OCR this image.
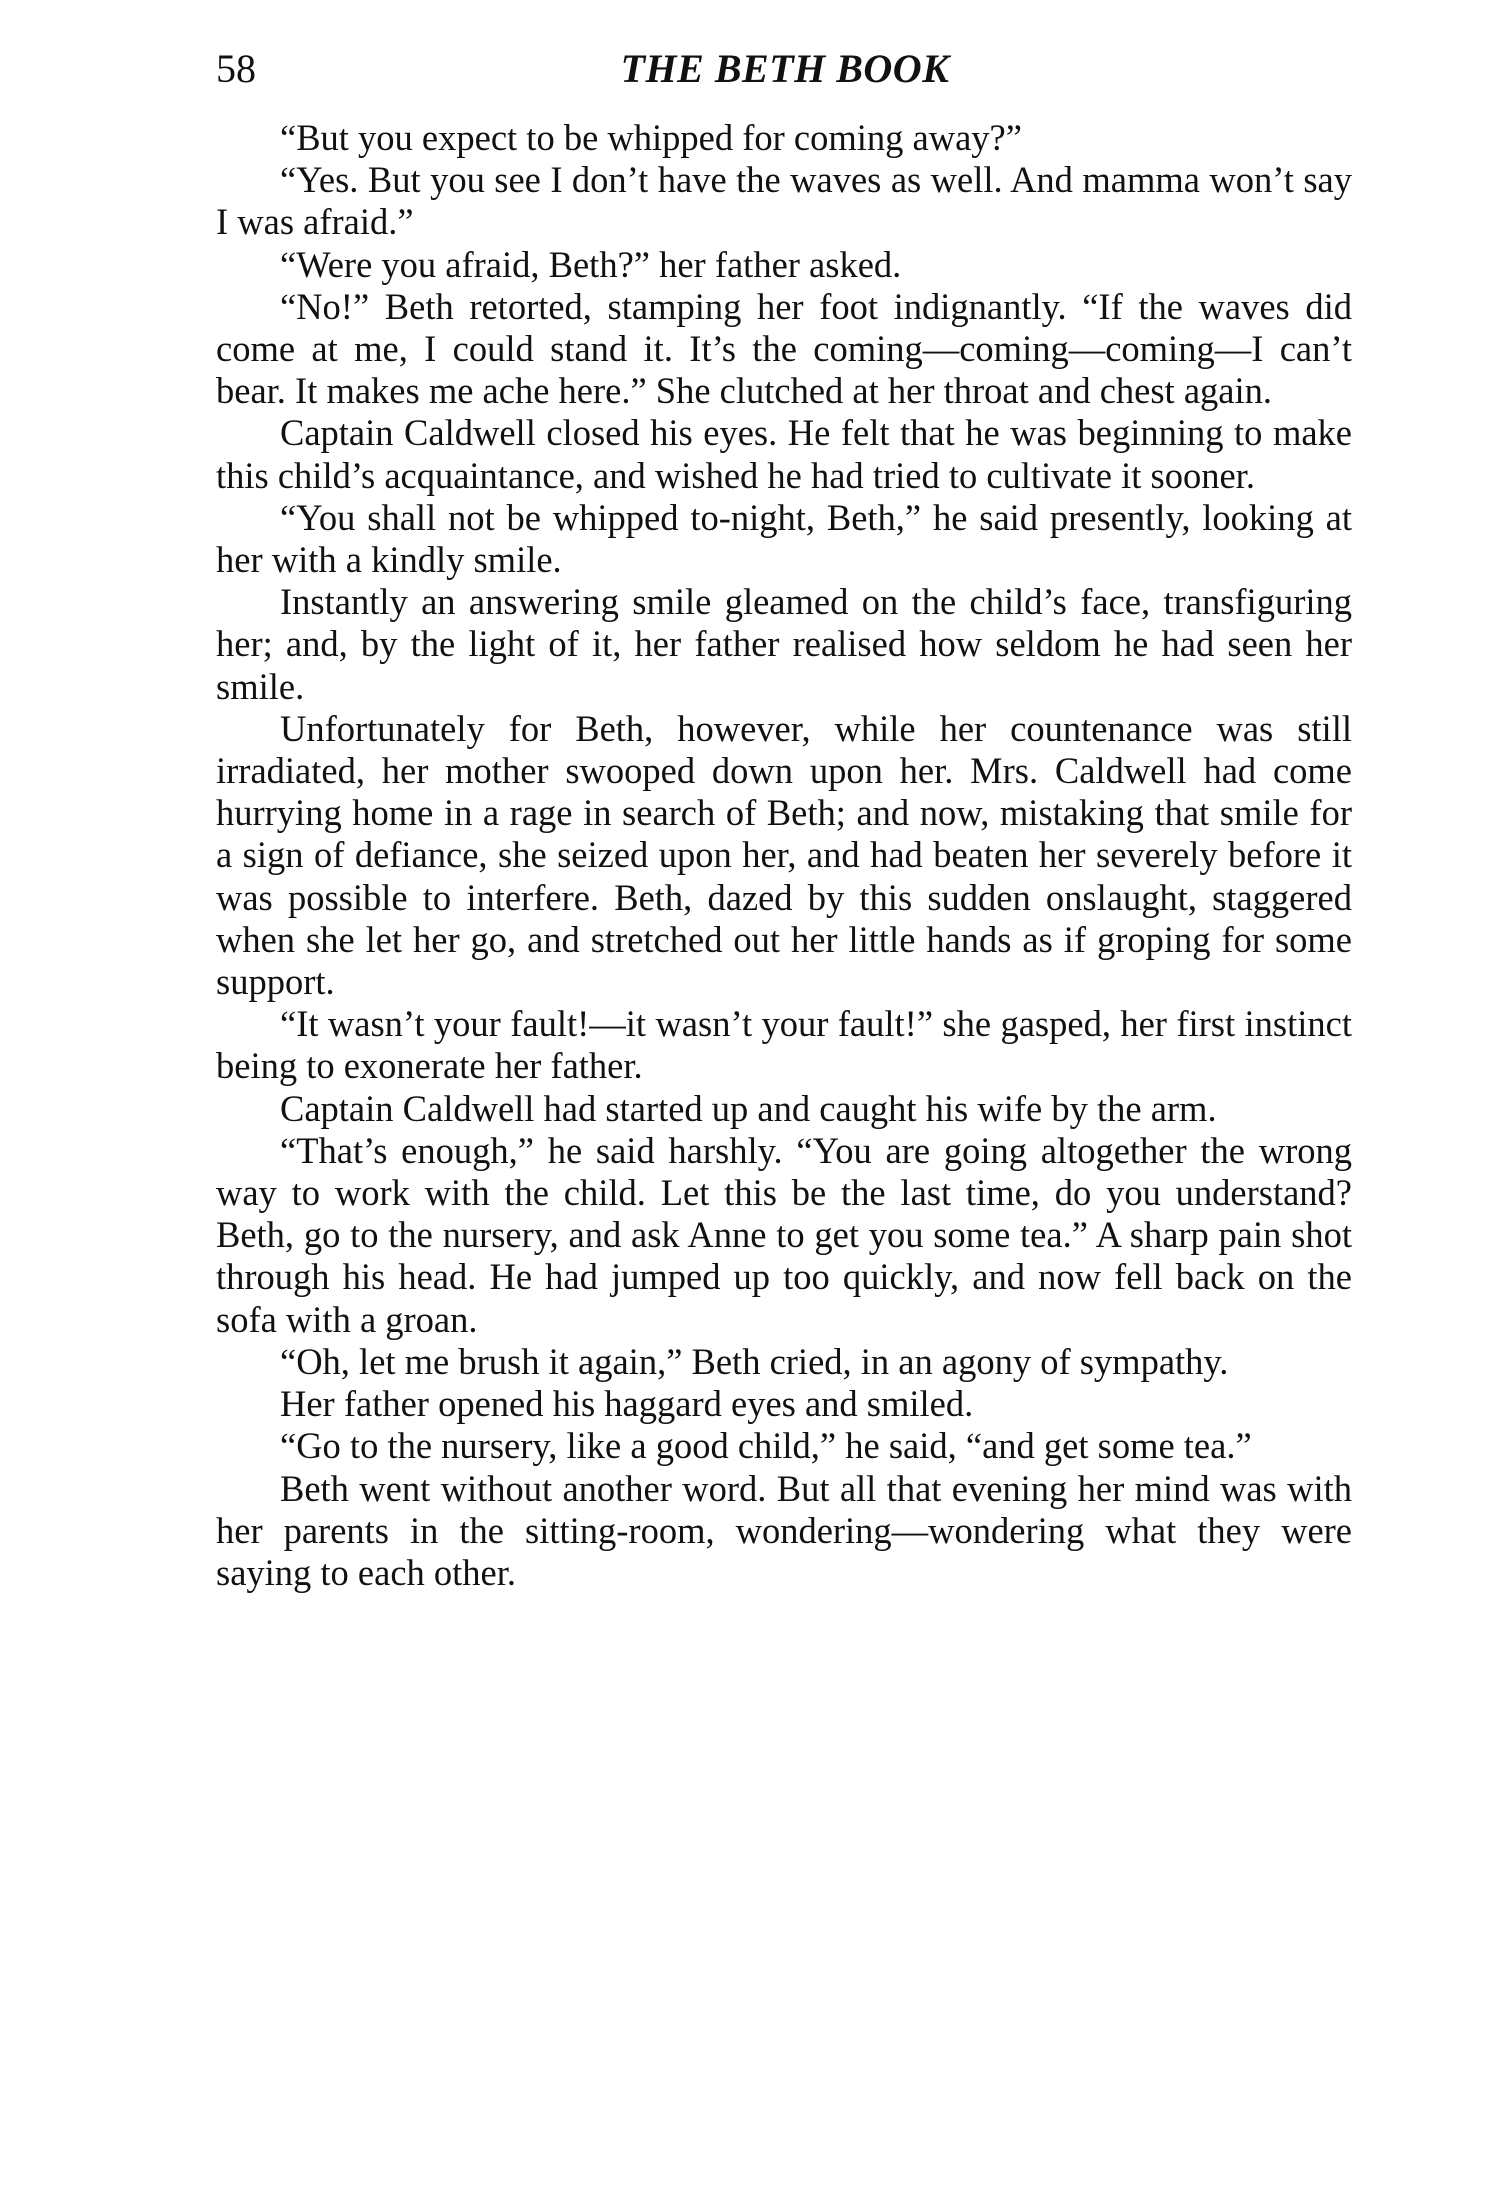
58	THE BETH BOOK

“But you expect to be whipped for coming away?”

“Yes. But you see I don’t have the waves as well. And mamma won’t say I was afraid.”

“Were you afraid, Beth?” her father asked.

“No!” Beth retorted, stamping her foot indignantly. “If the waves did come at me, I could stand it. It’s the coming—coming—coming—I can’t bear. It makes me ache here.” She clutched at her throat and chest again.

Captain Caldwell closed his eyes. He felt that he was beginning to make this child’s acquaintance, and wished he had tried to cultivate it sooner.

“You shall not be whipped to-night, Beth,” he said presently, looking at her with a kindly smile.

Instantly an answering smile gleamed on the child’s face, transfiguring her; and, by the light of it, her father realised how seldom he had seen her smile.

Unfortunately for Beth, however, while her countenance was still irradiated, her mother swooped down upon her. Mrs. Caldwell had come hurrying home in a rage in search of Beth; and now, mistaking that smile for a sign of defiance, she seized upon her, and had beaten her severely before it was possible to interfere. Beth, dazed by this sudden onslaught, staggered when she let her go, and stretched out her little hands as if groping for some support.

“It wasn’t your fault!—it wasn’t your fault!” she gasped, her first instinct being to exonerate her father.

Captain Caldwell had started up and caught his wife by the arm.

“That’s enough,” he said harshly. “You are going altogether the wrong way to work with the child. Let this be the last time, do you understand? Beth, go to the nursery, and ask Anne to get you some tea.” A sharp pain shot through his head. He had jumped up too quickly, and now fell back on the sofa with a groan.

“Oh, let me brush it again,” Beth cried, in an agony of sympathy.

Her father opened his haggard eyes and smiled.

“Go to the nursery, like a good child,” he said, “and get some tea.”

Beth went without another word. But all that evening her mind was with her parents in the sitting-room, wondering—wondering what they were saying to each other.
